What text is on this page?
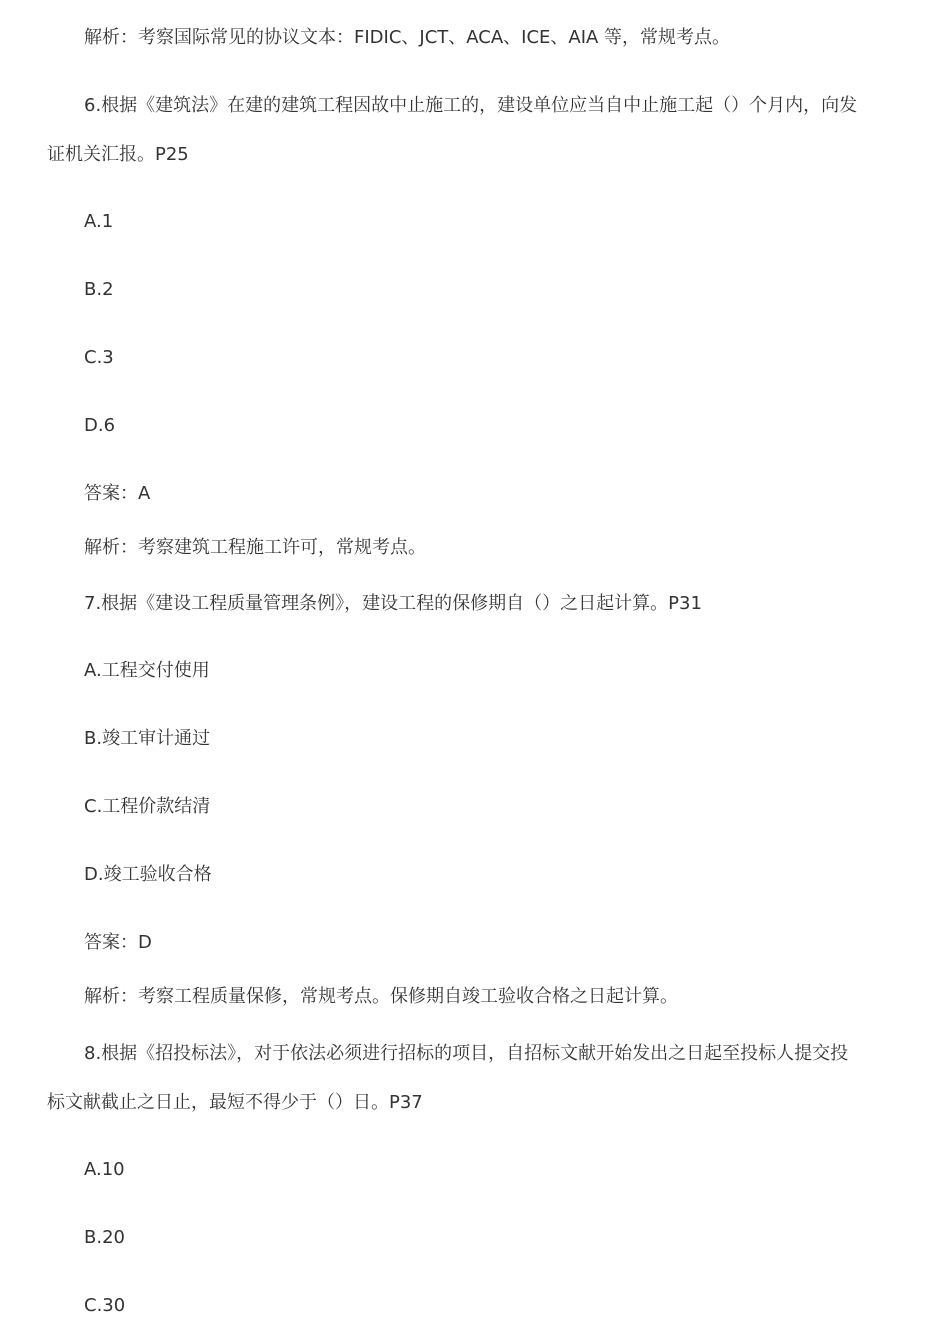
解析：考察国际常见的协议文本：FIDIC、JCT、ACA、ICE、AIA 等，常规考点。
6.根据《建筑法》在建的建筑工程因故中止施工的，建设单位应当自中止施工起（）个月内，向发
证机关汇报。P25
A.1
B.2
C.3
D.6
答案：A
解析：考察建筑工程施工许可，常规考点。
7.根据《建设工程质量管理条例》，建设工程的保修期自（）之日起计算。P31
A.工程交付使用
B.竣工审计通过
C.工程价款结清
D.竣工验收合格
答案：D
解析：考察工程质量保修，常规考点。保修期自竣工验收合格之日起计算。
8.根据《招投标法》，对于依法必须进行招标的项目，自招标文献开始发出之日起至投标人提交投
标文献截止之日止，最短不得少于（）日。P37
A.10
B.20
C.30
